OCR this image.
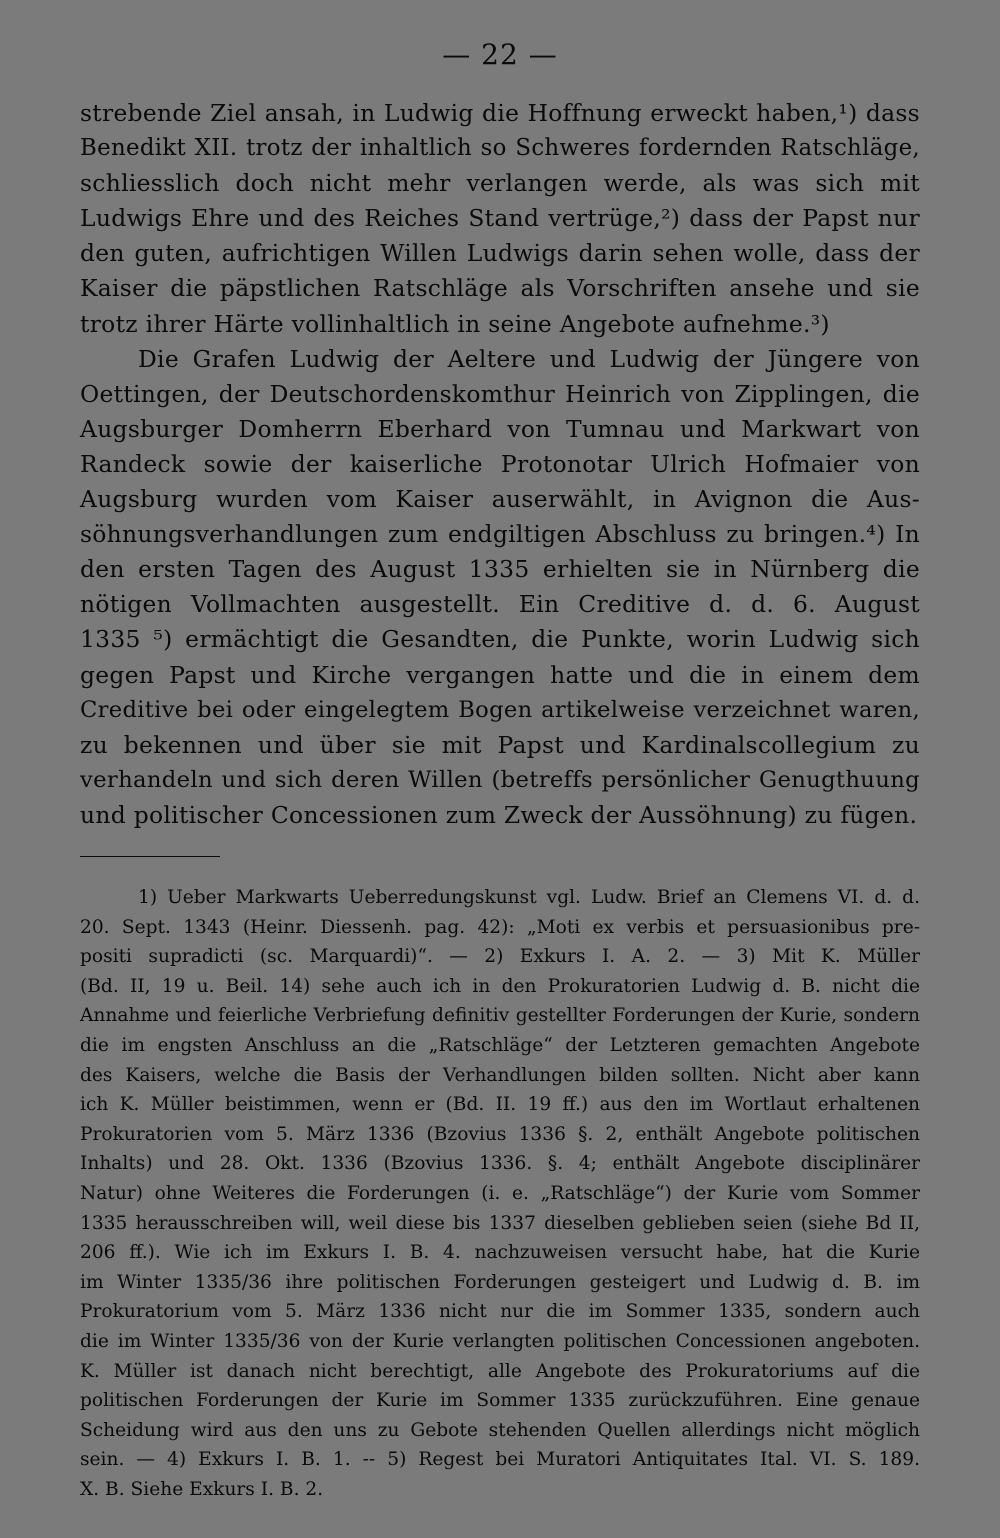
— 22 —
strebende Ziel ansah, in Ludwig die Hoffnung erweckt haben,¹) dass
Benedikt XII. trotz der inhaltlich so Schweres fordernden Ratschläge,
schliesslich doch nicht mehr verlangen werde, als was sich mit
Ludwigs Ehre und des Reiches Stand vertrüge,²) dass der Papst nur
den guten, aufrichtigen Willen Ludwigs darin sehen wolle, dass der
Kaiser die päpstlichen Ratschläge als Vorschriften ansehe und sie
trotz ihrer Härte vollinhaltlich in seine Angebote aufnehme.³)
Die Grafen Ludwig der Aeltere und Ludwig der Jüngere von
Oettingen, der Deutschordenskomthur Heinrich von Zipplingen, die
Augsburger Domherrn Eberhard von Tumnau und Markwart von
Randeck sowie der kaiserliche Protonotar Ulrich Hofmaier von
Augsburg wurden vom Kaiser auserwählt, in Avignon die Aus-
söhnungsverhandlungen zum endgiltigen Abschluss zu bringen.⁴) In
den ersten Tagen des August 1335 erhielten sie in Nürnberg die
nötigen Vollmachten ausgestellt. Ein Creditive d. d. 6. August
1335 ⁵) ermächtigt die Gesandten, die Punkte, worin Ludwig sich
gegen Papst und Kirche vergangen hatte und die in einem dem
Creditive bei oder eingelegtem Bogen artikelweise verzeichnet waren,
zu bekennen und über sie mit Papst und Kardinalscollegium zu
verhandeln und sich deren Willen (betreffs persönlicher Genugthuung
und politischer Concessionen zum Zweck der Aussöhnung) zu fügen.
1) Ueber Markwarts Ueberredungskunst vgl. Ludw. Brief an Clemens VI. d. d.
20. Sept. 1343 (Heinr. Diessenh. pag. 42): „Moti ex verbis et persuasionibus pre-
positi supradicti (sc. Marquardi)“. — 2) Exkurs I. A. 2. — 3) Mit K. Müller
(Bd. II, 19 u. Beil. 14) sehe auch ich in den Prokuratorien Ludwig d. B. nicht die
Annahme und feierliche Verbriefung definitiv gestellter Forderungen der Kurie, sondern
die im engsten Anschluss an die „Ratschläge“ der Letzteren gemachten Angebote
des Kaisers, welche die Basis der Verhandlungen bilden sollten. Nicht aber kann
ich K. Müller beistimmen, wenn er (Bd. II. 19 ff.) aus den im Wortlaut erhaltenen
Prokuratorien vom 5. März 1336 (Bzovius 1336 §. 2, enthält Angebote politischen
Inhalts) und 28. Okt. 1336 (Bzovius 1336. §. 4; enthält Angebote disciplinärer
Natur) ohne Weiteres die Forderungen (i. e. „Ratschläge“) der Kurie vom Sommer
1335 herausschreiben will, weil diese bis 1337 dieselben geblieben seien (siehe Bd II,
206 ff.). Wie ich im Exkurs I. B. 4. nachzuweisen versucht habe, hat die Kurie
im Winter 1335/36 ihre politischen Forderungen gesteigert und Ludwig d. B. im
Prokuratorium vom 5. März 1336 nicht nur die im Sommer 1335, sondern auch
die im Winter 1335/36 von der Kurie verlangten politischen Concessionen angeboten.
K. Müller ist danach nicht berechtigt, alle Angebote des Prokuratoriums auf die
politischen Forderungen der Kurie im Sommer 1335 zurückzuführen. Eine genaue
Scheidung wird aus den uns zu Gebote stehenden Quellen allerdings nicht möglich
sein. — 4) Exkurs I. B. 1. -- 5) Regest bei Muratori Antiquitates Ital. VI. S. 189.
X. B. Siehe Exkurs I. B. 2.
